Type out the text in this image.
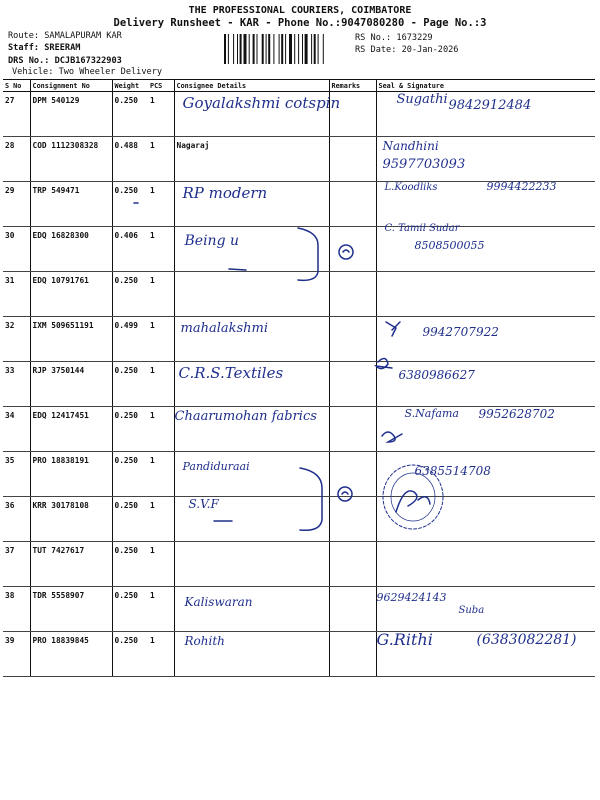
THE PROFESSIONAL COURIERS, COIMBATORE
Delivery Runsheet - KAR - Phone No.:9047080280 - Page No.:3
Route: SAMALAPURAM KAR
Staff: SREERAM
DRS No.: DCJB167322903
Vehicle: Two Wheeler Delivery
RS No.: 1673229
RS Date: 20-Jan-2026
S No	Consignment No	Weight	PCS	Consignee Details	Remarks	Seal & Signature
27	DPM 540129	0.250	1	Goyalakshmi cotspin		Sugathi 9842912484

28	COD 1112308328	0.488	1	Nagaraj		Nandhini
9597703093

29	TRP 549471	0.250	1	RP modern		L.Koodliks 9994422233

30	EDQ 16828300	0.406	1	Being u		C. Tamil Sudar
8508500055

31	EDQ 10791761	0.250	1			
32	IXM 509651191	0.499	1	mahalakshmi		9942707922

33	RJP 3750144	0.250	1	C.R.S.Textiles		6380986627

34	EDQ 12417451	0.250	1	Chaarumohan fabrics		S.Nafama 9952628702

35	PRO 18838191	0.250	1	Pandiduraai		6385514708

36	KRR 30178108	0.250	1	S.V.F		

37	TUT 7427617	0.250	1			
38	TDR 5558907	0.250	1	Kaliswaran		Suba
9629424143

39	PRO 18839845	0.250	1	Rohith		G.Rithi (6383082281)
